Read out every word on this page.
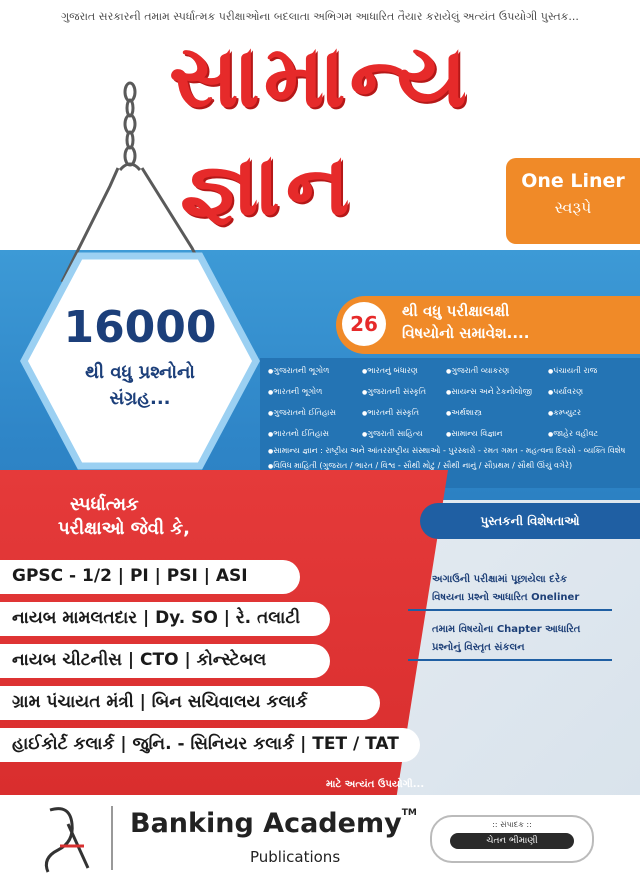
ગુજરાત સરકારની તમામ સ્પર્ધાત્મક પરીક્ષાઓના બદલાતા અભિગમ આધારિત તૈયાર કરાયેલું અત્યંત ઉપયોગી પુસ્તક...
સામાન્ય
જ્ઞાન	One Liner
સ્વરૂપે
16000
થી વધુ પ્રશ્નોનો
સંગ્રહ...
26
થી વધુ પરીક્ષાલક્ષી
વિષયોનો સમાવેશ....
● ગુજરાતની ભૂગોળ	● ભારતનું બંધારણ	● ગુજરાતી વ્યાકરણ	● પંચાયતી રાજ
● ભારતની ભૂગોળ	● ગુજરાતની સંસ્કૃતિ	● સાયન્સ અને ટેકનોલોજી	● પર્યાવરણ
● ગુજરાતનો ઈતિહાસ	● ભારતની સંસ્કૃતિ	● અર્થશાસ્ત્ર	● કમ્પ્યુટર
● ભારતનો ઈતિહાસ	● ગુજરાતી સાહિત્ય	● સામાન્ય વિજ્ઞાન	● જાહેર વહીવટ
● સામાન્ય જ્ઞાન : રાષ્ટ્રીય અને આંતરરાષ્ટ્રીય સંસ્થાઓ - પુરસ્કારો - રમત ગમત - મહત્વના દિવસો - વ્યક્તિ વિશેષ
● વિવિધ માહિતી (ગુજરાત / ભારત / વિશ્વ - સૌથી મોટું / સૌથી નાનું / સૌપ્રથમ / સૌથી ઊંચું વગેરે)
●
સ્પર્ધાત્મક
પરીક્ષાઓ જેવી કે,
GPSC - 1/2 | PI | PSI | ASI
નાયબ મામલતદાર | Dy. SO | રે. તલાટી
નાયબ ચીટનીસ | CTO | કોન્સ્ટેબલ
ગ્રામ પંચાયત મંત્રી | બિન સચિવાલય કલાર્ક
હાઈકોર્ટ કલાર્ક | જુનિ. - સિનિયર કલાર્ક | TET / TAT
માટે અત્યંત ઉપયોગી...
પુસ્તકની વિશેષતાઓ
અગાઉની પરીક્ષામાં પૂછાયેલા દરેક
વિષયના પ્રશ્નો આધારિત Oneliner
તમામ વિષયોના Chapter આધારિત
પ્રશ્નોનું વિસ્તૃત સંકલન
Banking Academy™
Publications
:: સંપાદક ::
ચેતન ભીમાણી
